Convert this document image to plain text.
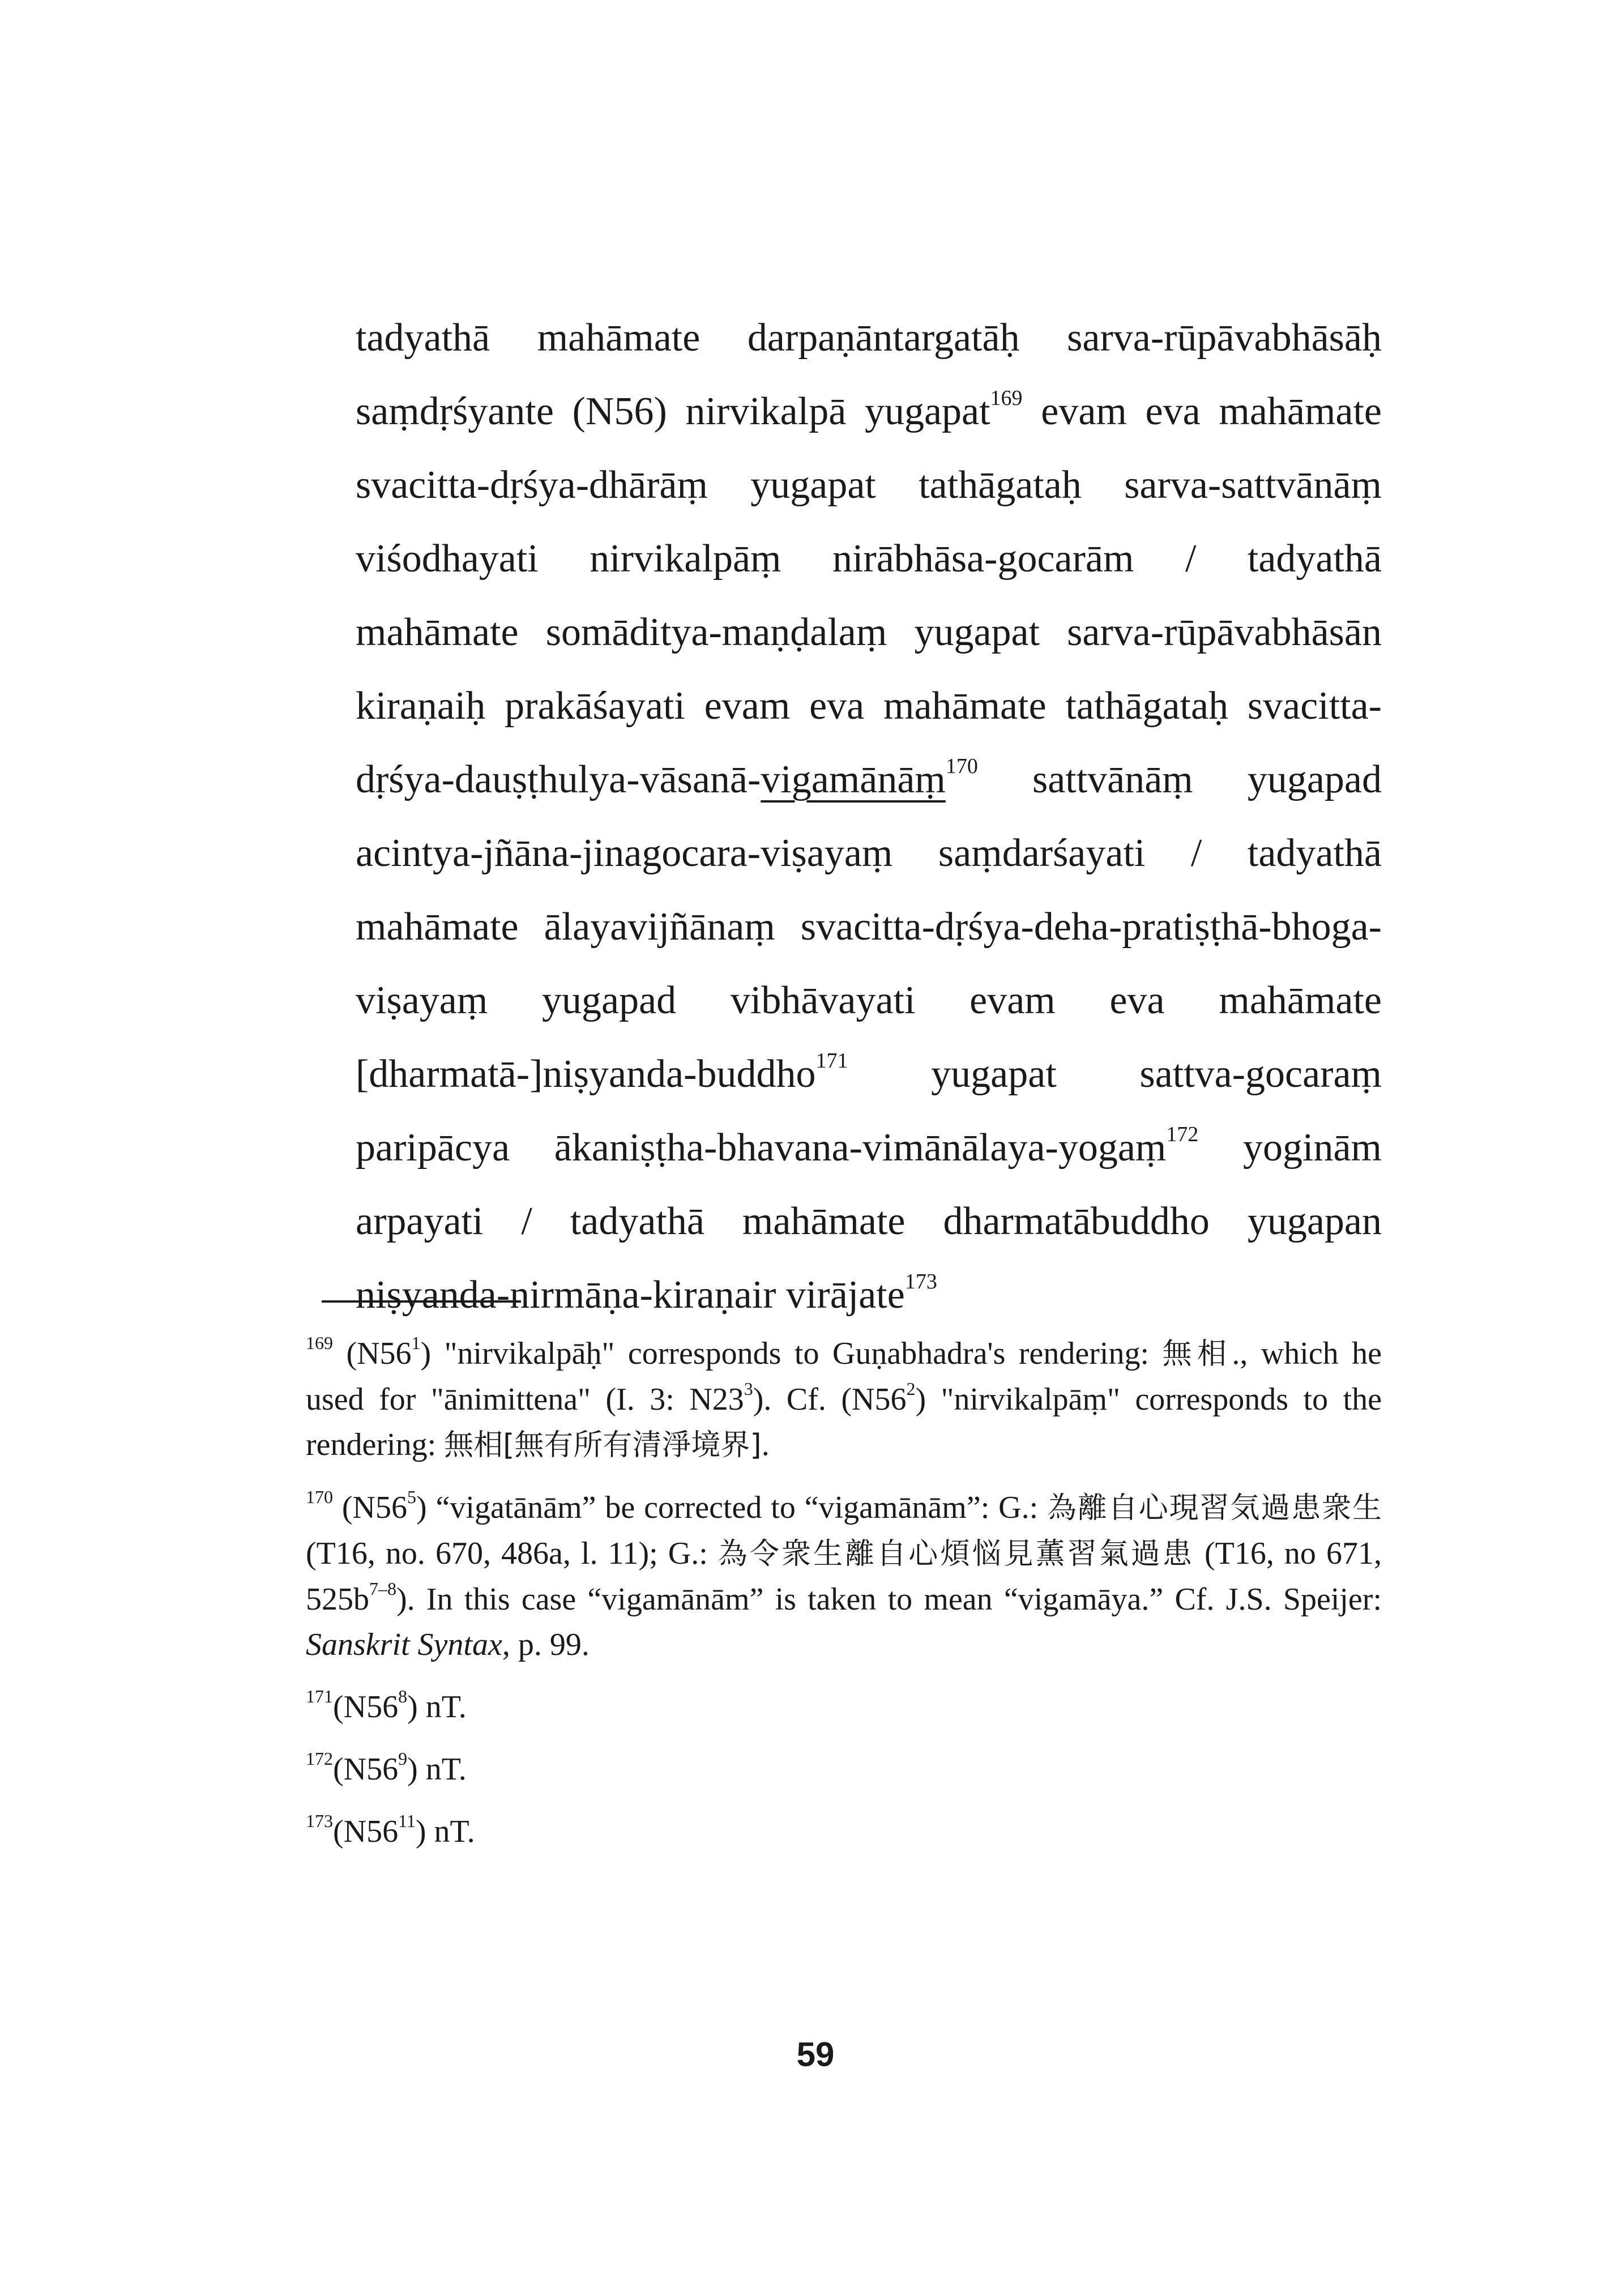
tadyathā mahāmate darpaṇāntargatāḥ sarva-rūpāvabhāsāḥ saṃdṛśyante (N56) nirvikalpā yugapat$^{169}$ evam eva mahāmate svacitta-dṛśya-dhārāṃ yugapat tathāgataḥ sarva-sattvānāṃ viśodhayati nirvikalpāṃ nirābhāsa-gocarām / tadyathā mahāmate somāditya-maṇḍalaṃ yugapat sarva-rūpāvabhāsān kiraṇaiḥ prakāśayati evam eva mahāmate tathāgataḥ svacitta-dṛśya-dauṣṭhulya-vāsanā-vigamānāṃ$^{170}$ sattvānāṃ yugapad acintya-jñāna-jinagocara-viṣayaṃ saṃdarśayati / tadyathā mahāmate ālayavijñānaṃ svacitta-dṛśya-deha-pratiṣṭhā-bhoga-viṣayaṃ yugapad vibhāvayati evam eva mahāmate [dharmatā-]niṣyanda-buddho$^{171}$ yugapat sattva-gocaraṃ paripācya ākaniṣṭha-bhavana-vimānālaya-yogaṃ$^{172}$ yoginām arpayati / tadyathā mahāmate dharmatābuddho yugapan niṣyanda-nirmāṇa-kiraṇair virājate$^{173}$

$^{169}$ $(N56^1)$ "nirvikalpāḥ" corresponds to Guṇabhadra's rendering: 無相., which he used for "ānimittena" (I. 3: $N23^3$). Cf. $(N56^2)$ "nirvikalpāṃ" corresponds to the rendering: 無相[無有所有清淨境界].

$^{170}$ $(N56^5)$ “vigatānām” be corrected to “vigamānām”: G.: 為離自心現習気過患衆生 (T16, no. 670, 486a, l. 11); G.: 為令衆生離自心煩悩見薫習氣過患 (T16, no 671, $525b^{7-8}$). In this case “vigamānām” is taken to mean “vigamāya.” Cf. J.S. Speijer: Sanskrit Syntax, p. 99.

$^{171}(N56^8)$ nT.

$^{172}(N56^9)$ nT.

$^{173}(N56^{11})$ nT.

59
